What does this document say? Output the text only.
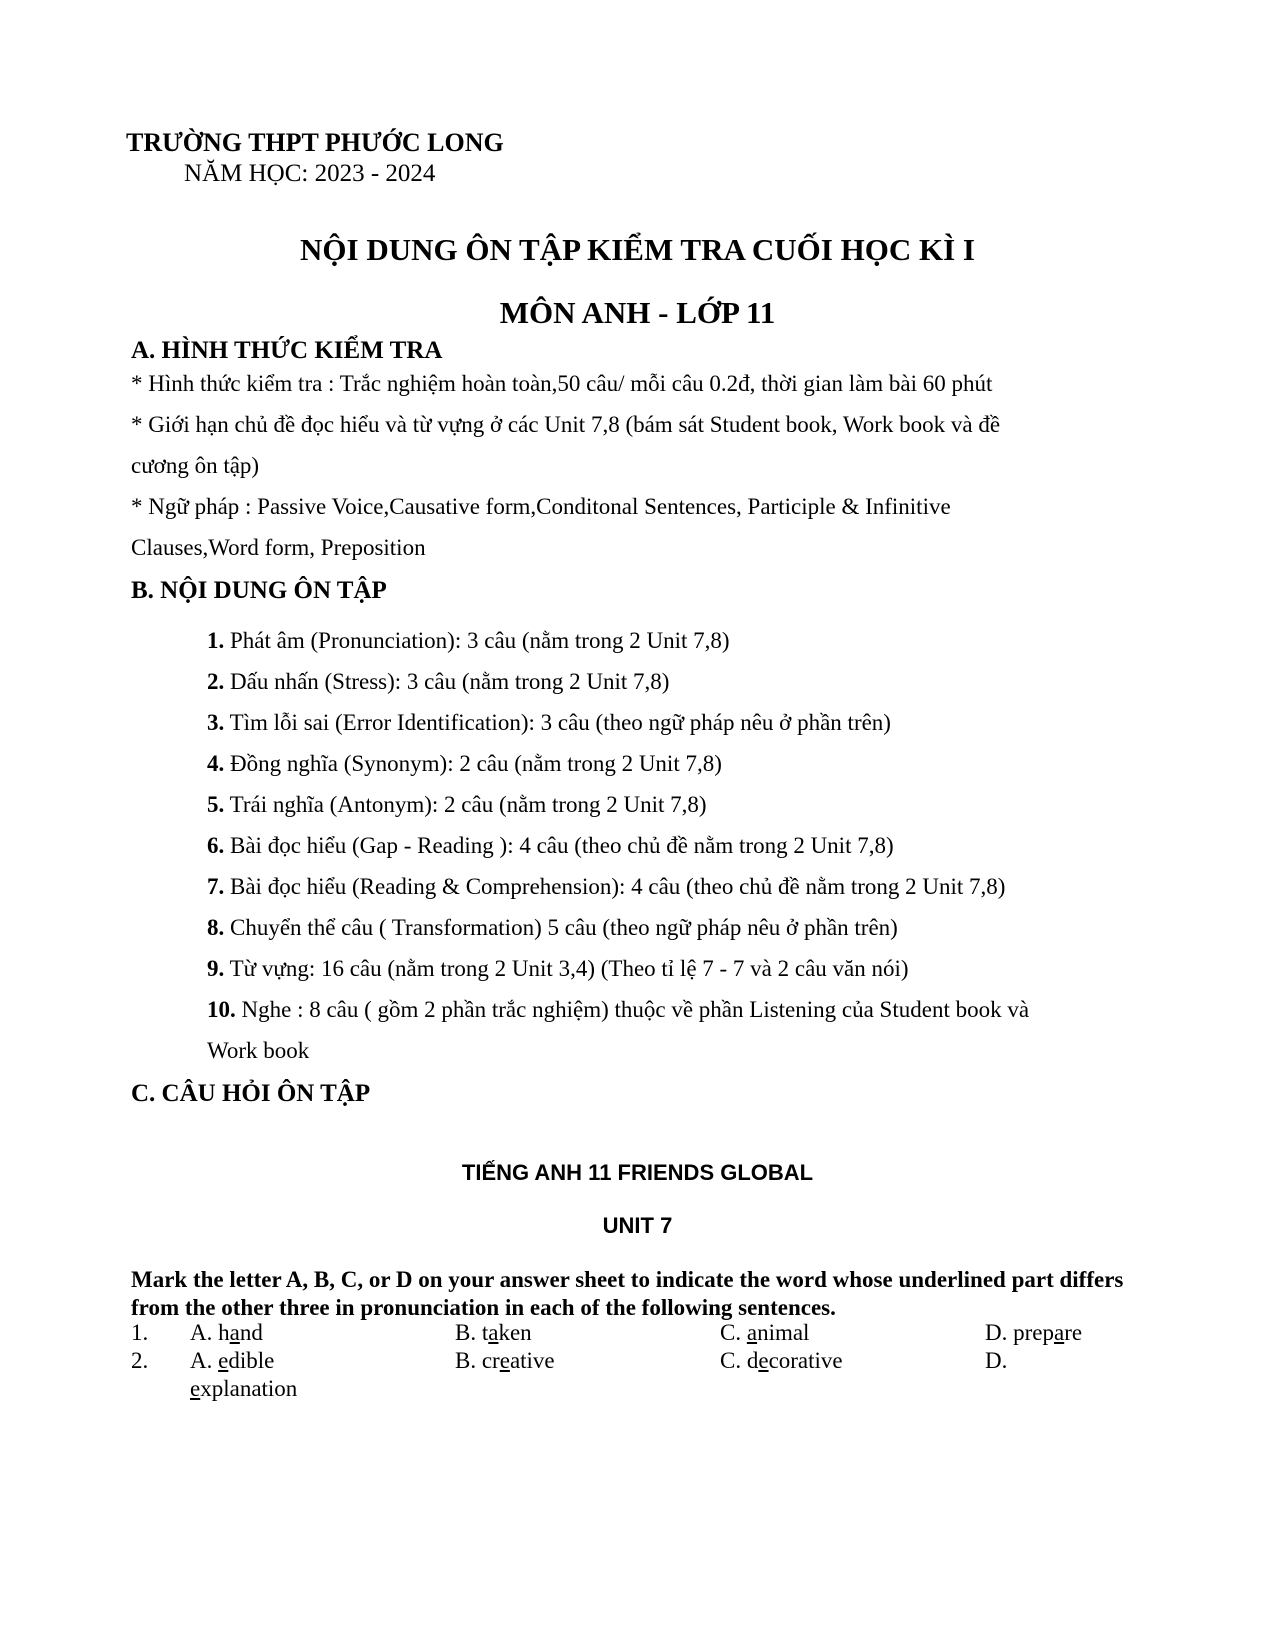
TRƯỜNG THPT PHƯỚC LONG
NĂM HỌC: 2023 - 2024
NỘI DUNG ÔN TẬP KIỂM TRA CUỐI HỌC KÌ I
MÔN ANH - LỚP 11
A. HÌNH THỨC KIỂM TRA
* Hình thức kiểm tra : Trắc nghiệm hoàn toàn,50 câu/ mỗi câu 0.2đ, thời gian làm bài 60 phút
* Giới hạn chủ đề đọc hiểu và từ vựng ở các Unit 7,8 (bám sát Student book, Work book và đề
cương ôn tập)
* Ngữ pháp : Passive Voice,Causative form,Conditonal Sentences, Participle & Infinitive
Clauses,Word form, Preposition
B. NỘI DUNG ÔN TẬP
1. Phát âm (Pronunciation): 3 câu (nằm trong 2 Unit 7,8)
2. Dấu nhấn (Stress): 3 câu (nằm trong 2 Unit 7,8)
3. Tìm lỗi sai (Error Identification): 3 câu (theo ngữ pháp nêu ở phần trên)
4. Đồng nghĩa (Synonym): 2 câu (nằm trong 2 Unit 7,8)
5. Trái nghĩa (Antonym): 2 câu (nằm trong 2 Unit 7,8)
6. Bài đọc hiểu (Gap - Reading ): 4 câu (theo chủ đề nằm trong 2 Unit 7,8)
7. Bài đọc hiểu (Reading & Comprehension): 4 câu (theo chủ đề nằm trong 2 Unit 7,8)
8. Chuyển thể câu ( Transformation) 5 câu (theo ngữ pháp nêu ở phần trên)
9. Từ vựng: 16 câu (nằm trong 2 Unit 3,4) (Theo tỉ lệ 7 - 7 và 2 câu văn nói)
10. Nghe : 8 câu ( gồm 2 phần trắc nghiệm) thuộc về phần Listening của Student book và
Work book
C. CÂU HỎI ÔN TẬP
TIẾNG ANH 11 FRIENDS GLOBAL
UNIT 7
Mark the letter A, B, C, or D on your answer sheet to indicate the word whose underlined part differs from the other three in pronunciation in each of the following sentences.
1. A. hand	B. taken	C. animal	D. prepare
2. A. edible	B. creative	C. decorative	D.
explanation
